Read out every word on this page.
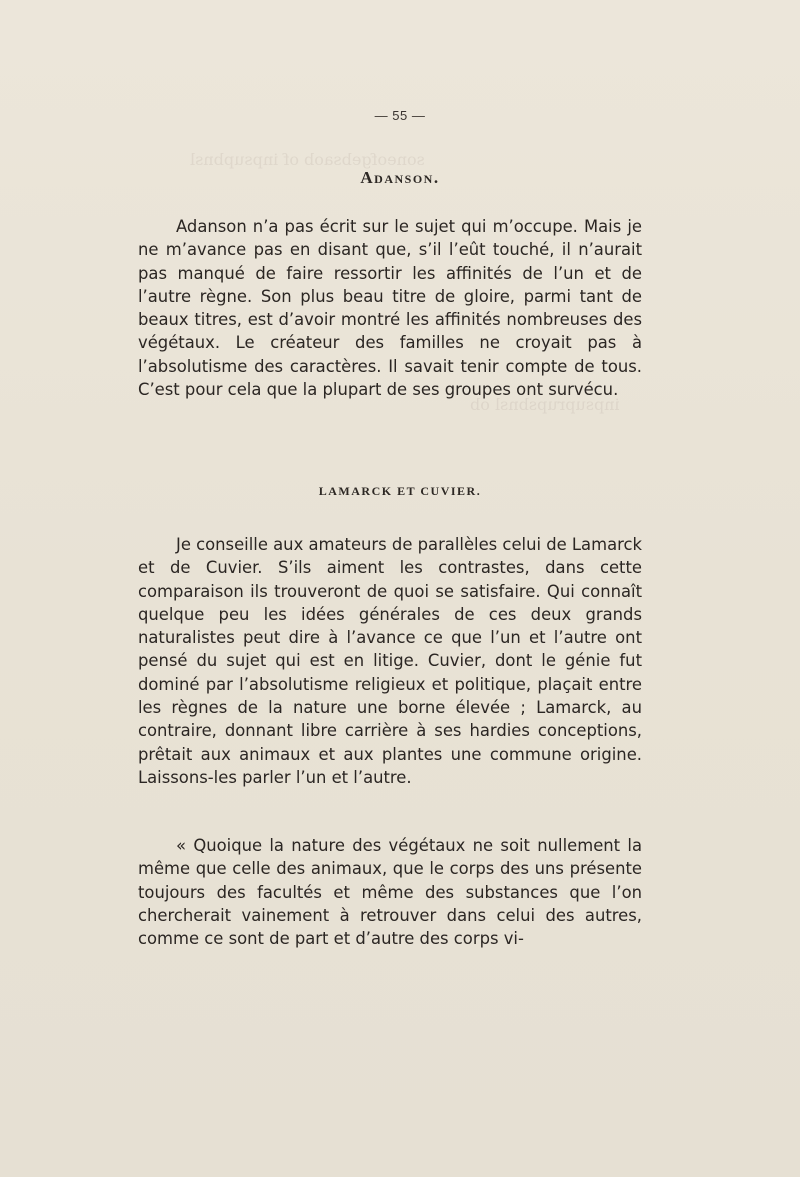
soneofgebsaob of inpsupbnsl
inpsuprupsbnsl ob
— 55 —
Adanson.

Adanson n’a pas écrit sur le sujet qui m’occupe. Mais je ne m’avance pas en disant que, s’il l’eût touché, il n’aurait pas manqué de faire ressortir les affinités de l’un et de l’autre règne. Son plus beau titre de gloire, parmi tant de beaux titres, est d’avoir montré les affinités nombreuses des végétaux. Le créateur des familles ne croyait pas à l’absolutisme des caractères. Il savait tenir compte de tous. C’est pour cela que la plupart de ses groupes ont survécu.

LAMARCK ET CUVIER.

Je conseille aux amateurs de parallèles celui de Lamarck et de Cuvier. S’ils aiment les contrastes, dans cette comparaison ils trouveront de quoi se satisfaire. Qui connaît quelque peu les idées générales de ces deux grands naturalistes peut dire à l’avance ce que l’un et l’autre ont pensé du sujet qui est en litige. Cuvier, dont le génie fut dominé par l’absolutisme religieux et politique, plaçait entre les règnes de la nature une borne élevée ; Lamarck, au contraire, donnant libre carrière à ses hardies conceptions, prêtait aux animaux et aux plantes une commune origine. Laissons-les parler l’un et l’autre.

« Quoique la nature des végétaux ne soit nullement la même que celle des animaux, que le corps des uns présente toujours des facultés et même des substances que l’on chercherait vainement à retrouver dans celui des autres, comme ce sont de part et d’autre des corps vi-
